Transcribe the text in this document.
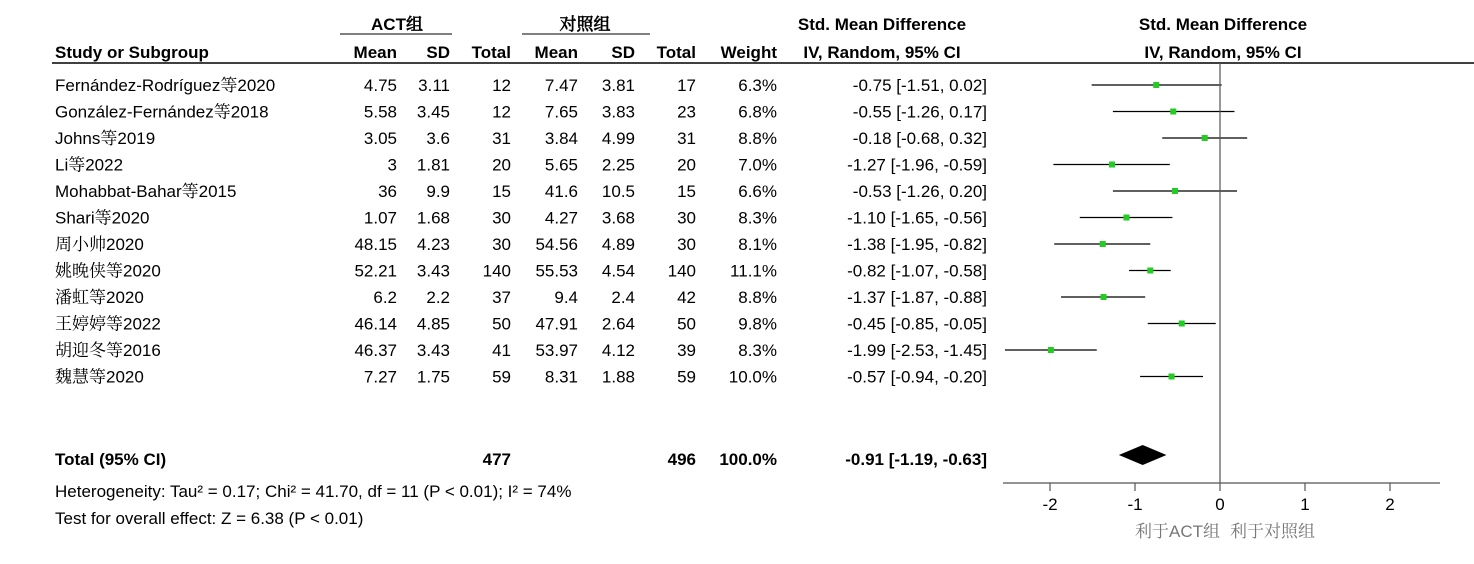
ACT组	对照组	Std. Mean Difference	Std. Mean Difference
Study or Subgroup	Mean SD Total Mean SD Total Weight IV, Random, 95% CI	IV, Random, 95% CI
Fernández-Rodríguez等2020	4.75 3.11 12 7.47 3.81 17 6.3%	-0.75 [-1.51, 0.02]
González-Fernández等2018	5.58 3.45 12 7.65 3.83 23 6.8%	-0.55 [-1.26, 0.17]
Johns等2019	3.05 3.6 31 3.84 4.99 31 8.8%	-0.18 [-0.68, 0.32]
Li等2022	3 1.81 20 5.65 2.25 20 7.0%	-1.27 [-1.96, -0.59]
Mohabbat-Bahar等2015	36 9.9 15 41.6 10.5 15 6.6%	-0.53 [-1.26, 0.20]
Shari等2020	1.07 1.68 30 4.27 3.68 30 8.3%	-1.10 [-1.65, -0.56]
周小帅2020	48.15 4.23 30 54.56 4.89 30 8.1%	-1.38 [-1.95, -0.82]
姚晚侠等2020	52.21 3.43 140 55.53 4.54 140 11.1%	-0.82 [-1.07, -0.58]
潘虹等2020	6.2 2.2 37	9.4 2.4 42 8.8%	-1.37 [-1.87, -0.88]
王婷婷等2022	46.14 4.85 50 47.91 2.64 50 9.8%	-0.45 [-0.85, -0.05]
胡迎冬等2016	46.37 3.43 41 53.97 4.12 39 8.3%	-1.99 [-2.53, -1.45]
魏慧等2020	7.27 1.75 59 8.31 1.88 59 10.0%	-0.57 [-0.94, -0.20]
Total (95% CI)	477	496 100.0%	-0.91 [-1.19, -0.63]
Heterogeneity: Tau² = 0.17; Chi² = 41.70, df = 11 (P < 0.01); I² = 74%
Test for overall effect: Z = 6.38 (P < 0.01)
-2	-1	0	1	2
利于ACT组 利于对照组
